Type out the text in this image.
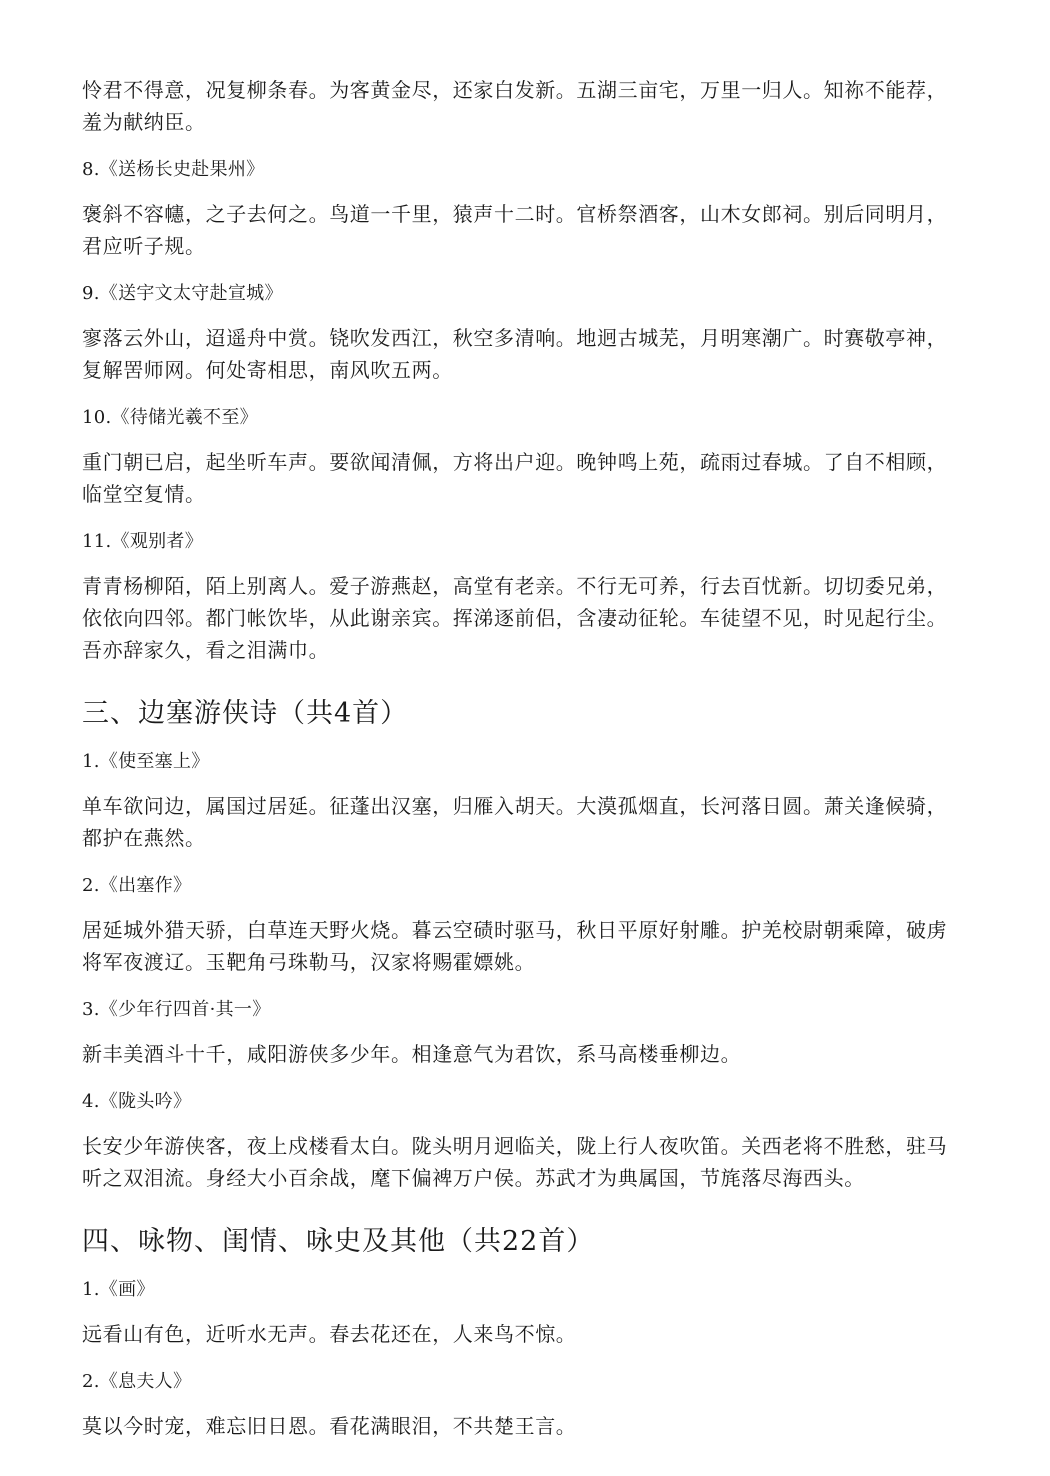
怜君不得意，况复柳条春。为客黄金尽，还家白发新。五湖三亩宅，万里一归人。知祢不能荐，羞为献纳臣。

8.《送杨长史赴果州》

褒斜不容幰，之子去何之。鸟道一千里，猿声十二时。官桥祭酒客，山木女郎祠。别后同明月，君应听子规。

9.《送宇文太守赴宣城》

寥落云外山，迢遥舟中赏。铙吹发西江，秋空多清响。地迥古城芜，月明寒潮广。时赛敬亭神，复解罟师网。何处寄相思，南风吹五两。

10.《待储光羲不至》

重门朝已启，起坐听车声。要欲闻清佩，方将出户迎。晚钟鸣上苑，疏雨过春城。了自不相顾，临堂空复情。

11.《观别者》

青青杨柳陌，陌上别离人。爱子游燕赵，高堂有老亲。不行无可养，行去百忧新。切切委兄弟，依依向四邻。都门帐饮毕，从此谢亲宾。挥涕逐前侣，含凄动征轮。车徒望不见，时见起行尘。吾亦辞家久，看之泪满巾。

三、边塞游侠诗（共4首）

1.《使至塞上》

单车欲问边，属国过居延。征蓬出汉塞，归雁入胡天。大漠孤烟直，长河落日圆。萧关逢候骑，都护在燕然。

2.《出塞作》

居延城外猎天骄，白草连天野火烧。暮云空碛时驱马，秋日平原好射雕。护羌校尉朝乘障，破虏将军夜渡辽。玉靶角弓珠勒马，汉家将赐霍嫖姚。

3.《少年行四首·其一》

新丰美酒斗十千，咸阳游侠多少年。相逢意气为君饮，系马高楼垂柳边。

4.《陇头吟》

长安少年游侠客，夜上戍楼看太白。陇头明月迥临关，陇上行人夜吹笛。关西老将不胜愁，驻马听之双泪流。身经大小百余战，麾下偏裨万户侯。苏武才为典属国，节旄落尽海西头。

四、咏物、闺情、咏史及其他（共22首）

1.《画》

远看山有色，近听水无声。春去花还在，人来鸟不惊。

2.《息夫人》

莫以今时宠，难忘旧日恩。看花满眼泪，不共楚王言。
